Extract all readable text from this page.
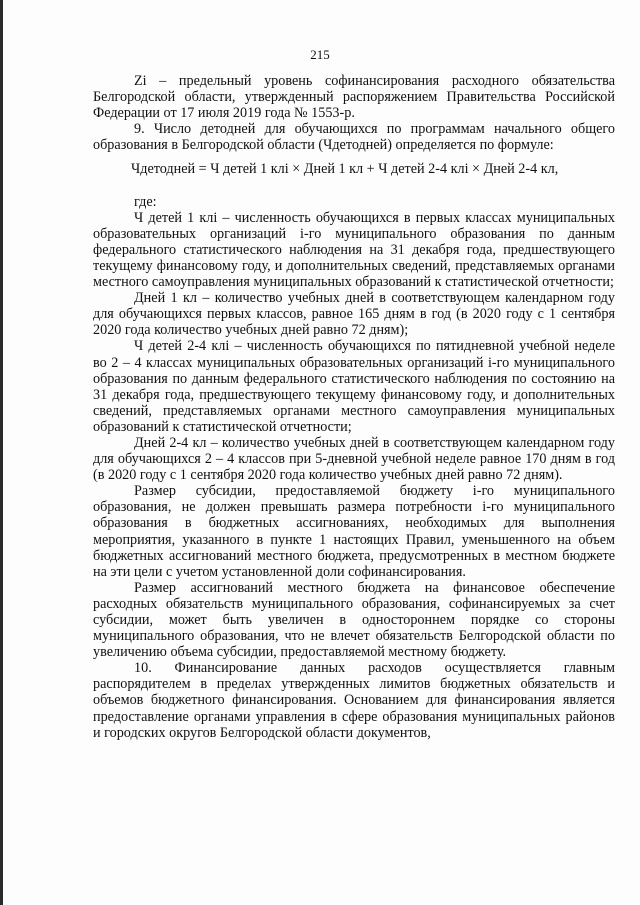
215

Zi – предельный уровень софинансирования расходного обязательства Белгородской области, утвержденный распоряжением Правительства Российской Федерации от 17 июля 2019 года № 1553-р.

9. Число детодней для обучающихся по программам начального общего образования в Белгородской области (Чдетодней) определяется по формуле:

Чдетодней = Ч детей 1 клi × Дней 1 кл + Ч детей 2-4 клi × Дней 2-4 кл,

где:

Ч детей 1 клi – численность обучающихся в первых классах муниципальных образовательных организаций i-го муниципального образования по данным федерального статистического наблюдения на 31 декабря года, предшествующего текущему финансовому году, и дополнительных сведений, представляемых органами местного самоуправления муниципальных образований к статистической отчетности;

Дней 1 кл – количество учебных дней в соответствующем календарном году для обучающихся первых классов, равное 165 дням в год (в 2020 году с 1 сентября 2020 года количество учебных дней равно 72 дням);

Ч детей 2-4 клi – численность обучающихся по пятидневной учебной неделе во 2 – 4 классах муниципальных образовательных организаций i-го муниципального образования по данным федерального статистического наблюдения по состоянию на 31 декабря года, предшествующего текущему финансовому году, и дополнительных сведений, представляемых органами местного самоуправления муниципальных образований к статистической отчетности;

Дней 2-4 кл – количество учебных дней в соответствующем календарном году для обучающихся 2 – 4 классов при 5-дневной учебной неделе равное 170 дням в год (в 2020 году с 1 сентября 2020 года количество учебных дней равно 72 дням).

Размер субсидии, предоставляемой бюджету i-го муниципального образования, не должен превышать размера потребности i-го муниципального образования в бюджетных ассигнованиях, необходимых для выполнения мероприятия, указанного в пункте 1 настоящих Правил, уменьшенного на объем бюджетных ассигнований местного бюджета, предусмотренных в местном бюджете на эти цели с учетом установленной доли софинансирования.

Размер ассигнований местного бюджета на финансовое обеспечение расходных обязательств муниципального образования, софинансируемых за счет субсидии, может быть увеличен в одностороннем порядке со стороны муниципального образования, что не влечет обязательств Белгородской области по увеличению объема субсидии, предоставляемой местному бюджету.

10. Финансирование данных расходов осуществляется главным распорядителем в пределах утвержденных лимитов бюджетных обязательств и объемов бюджетного финансирования. Основанием для финансирования является предоставление органами управления в сфере образования муниципальных районов и городских округов Белгородской области документов,
